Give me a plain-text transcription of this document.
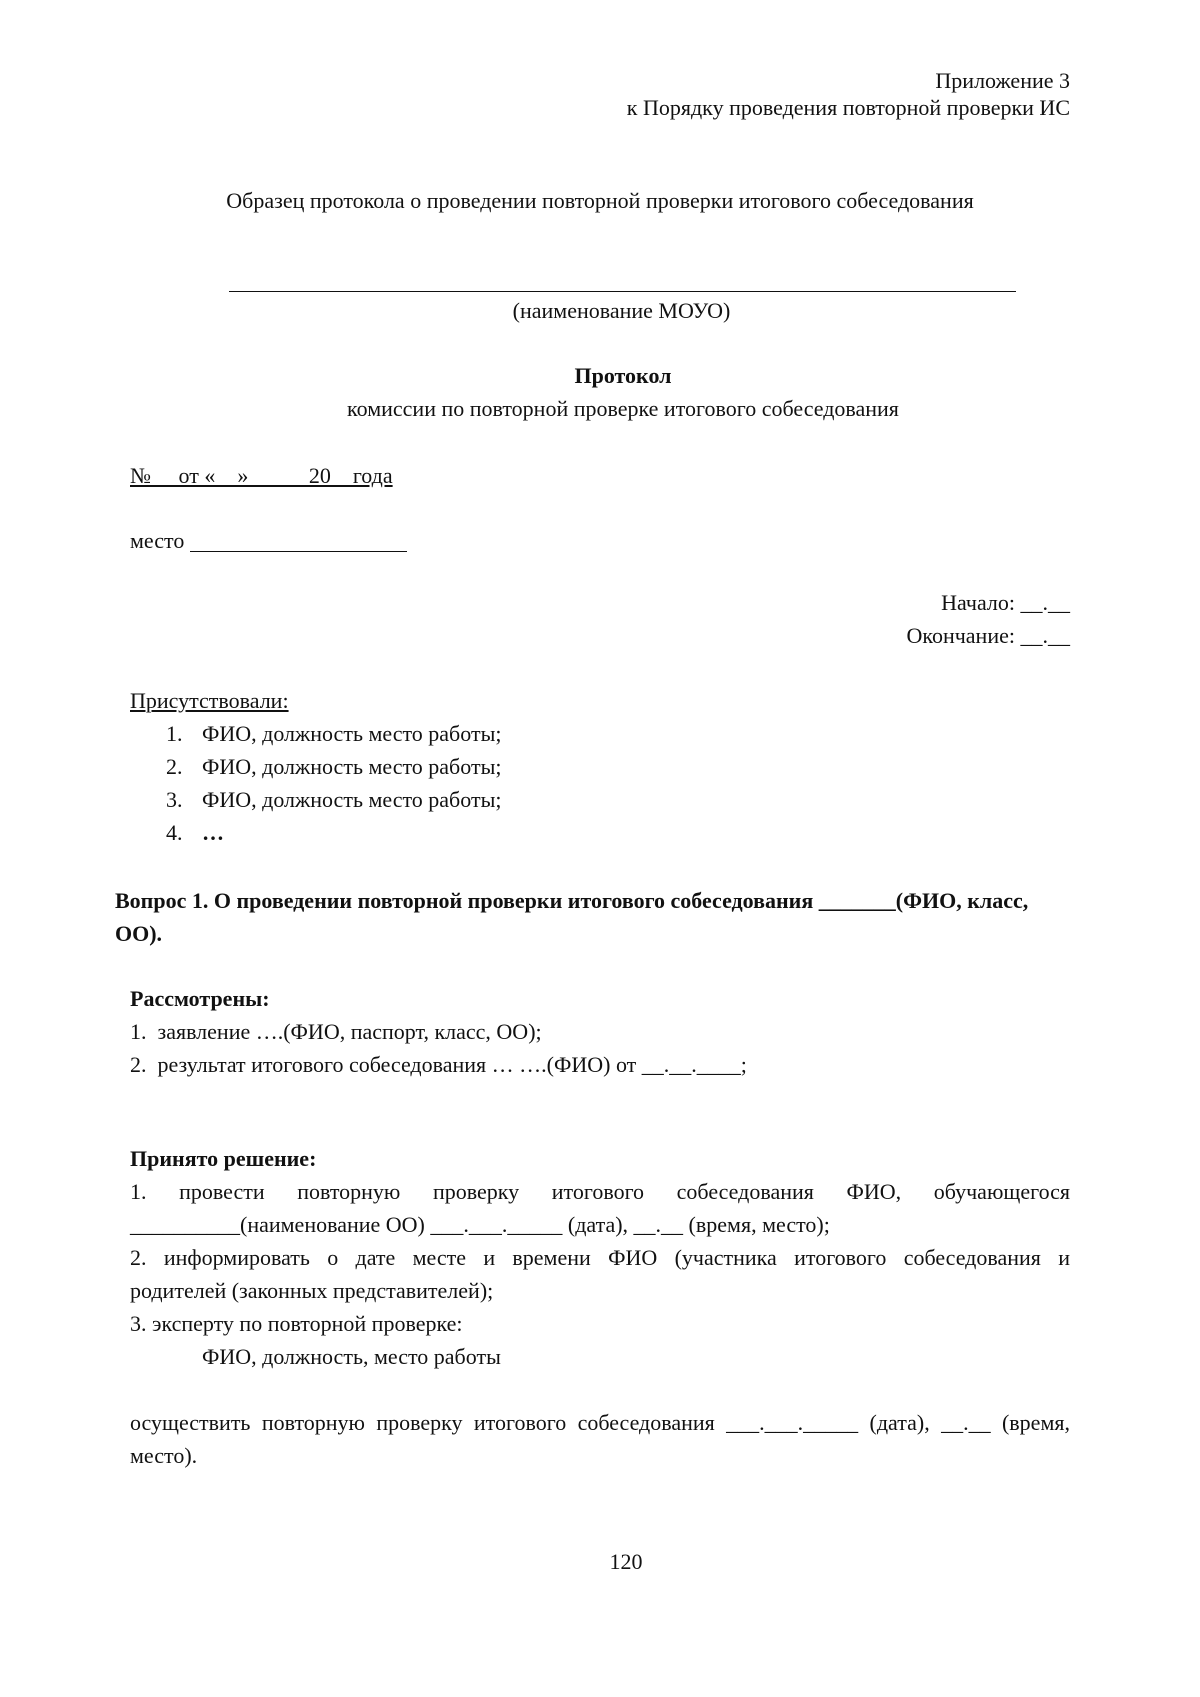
Приложение 3
к Порядку проведения повторной проверки ИС
Образец протокола о проведении повторной проверки итогового собеседования
(наименование МОУО)
Протокол
комиссии по повторной проверке итогового собеседования
№     от «    »           20    года
место
Начало: __.__
Окончание: __.__
Присутствовали:
1. ФИО, должность место работы;
2. ФИО, должность место работы;
3. ФИО, должность место работы;
4. …
Вопрос 1. О проведении повторной проверки итогового собеседования _______(ФИО, класс,
ОО).
Рассмотрены:
1.  заявление ….(ФИО, паспорт, класс, ОО);
2.  результат итогового собеседования … ….(ФИО) от __.__.____;
Принято решение:
1. провести повторную проверку итогового собеседования ФИО, обучающегося
__________(наименование ОО) ___.___._____ (дата), __.__ (время, место);
2. информировать о дате месте и времени ФИО (участника итогового собеседования и
родителей (законных представителей);
3. эксперту по повторной проверке:
ФИО, должность, место работы
осуществить повторную проверку итогового собеседования ___.___._____ (дата), __.__ (время,
место).
120
